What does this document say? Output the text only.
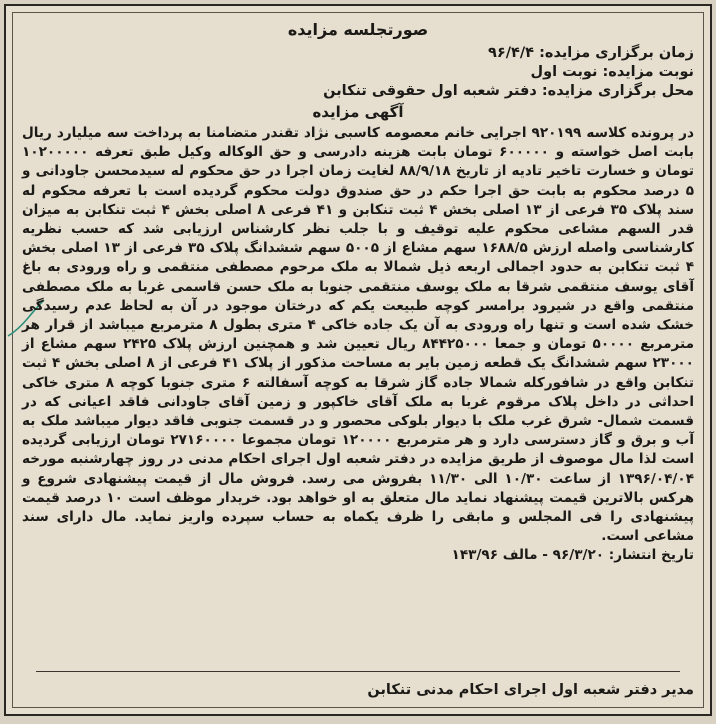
صورتجلسه مزایده

زمان برگزاری مزایده: ۹۶/۴/۴

نوبت مزایده: نوبت اول

محل برگزاری مزایده: دفتر شعبه اول حقوقی تنکابن

آگهی مزایده

در پرونده کلاسه ۹۲۰۱۹۹ اجرایی خانم معصومه کاسبی نژاد تقندر متضامنا به پرداخت سه میلیارد ریال بابت اصل خواسته و ۶۰۰۰۰۰ تومان بابت هزینه دادرسی و حق الوکاله وکیل طبق تعرفه ۱۰۲۰۰۰۰۰ تومان و خسارت تاخیر تادیه از تاریخ ۸۸/۹/۱۸ لغایت زمان اجرا در حق محکوم له سیدمحسن جاودانی و ۵ درصد محکوم به بابت حق اجرا حکم در حق صندوق دولت محکوم گردیده است با تعرفه محکوم له سند پلاک ۳۵ فرعی از ۱۳ اصلی بخش ۴ ثبت تنکابن و ۴۱ فرعی ۸ اصلی بخش ۴ ثبت تنکابن به میزان قدر السهم مشاعی محکوم علیه توقیف و با جلب نظر کارشناس ارزیابی شد که حسب نظریه کارشناسی واصله ارزش ۱۶۸۸/۵ سهم مشاع از ۵۰۰۵ سهم ششدانگ پلاک ۳۵ فرعی از ۱۳ اصلی بخش ۴ ثبت تنکابن به حدود اجمالی اربعه ذیل شمالا به ملک مرحوم مصطفی منتقمی و راه ورودی به باغ آقای یوسف منتقمی شرقا به ملک یوسف منتقمی جنوبا به ملک حسن قاسمی غربا به ملک مصطفی منتقمی واقع در شیرود برامسر کوچه طبیعت یکم که درختان موجود در آن به لحاظ عدم رسیدگی خشک شده است و تنها راه ورودی به آن یک جاده خاکی ۴ متری بطول ۸ مترمربع میباشد از قرار هر مترمربع ۵۰۰۰۰ تومان و جمعا ۸۴۴۲۵۰۰۰ ریال تعیین شد و همچنین ارزش پلاک ۲۴۲۵ سهم مشاع از ۲۳۰۰۰ سهم ششدانگ یک قطعه زمین بایر به مساحت مذکور از پلاک ۴۱ فرعی از ۸ اصلی بخش ۴ ثبت تنکابن واقع در شافورکله شمالا جاده گاز شرقا به کوچه آسفالته ۶ متری جنوبا کوچه ۸ متری خاکی احداثی در داخل پلاک مرقوم غربا به ملک آقای خاکپور و زمین آقای جاودانی فاقد اعیانی که در قسمت شمال- شرق غرب ملک با دیوار بلوکی محصور و در قسمت جنوبی فاقد دیوار میباشد ملک به آب و برق و گاز دسترسی دارد و هر مترمربع ۱۲۰۰۰۰ تومان مجموعا ۲۷۱۶۰۰۰۰ تومان ارزیابی گردیده است لذا مال موصوف از طریق مزایده در دفتر شعبه اول اجرای احکام مدنی در روز چهارشنبه مورخه ۱۳۹۶/۰۴/۰۴ از ساعت ۱۰/۳۰ الی ۱۱/۳۰ بفروش می رسد. فروش مال از قیمت پیشنهادی شروع و هرکس بالاترین قیمت پیشنهاد نماید مال متعلق به او خواهد بود. خریدار موظف است ۱۰ درصد قیمت پیشنهادی را فی المجلس و مابقی را ظرف یکماه به حساب سپرده واریز نماید. مال دارای سند مشاعی است.

تاریخ انتشار: ۹۶/۳/۲۰ - مالف ۱۴۳/۹۶

مدیر دفتر شعبه اول اجرای احکام مدنی تنکابن
